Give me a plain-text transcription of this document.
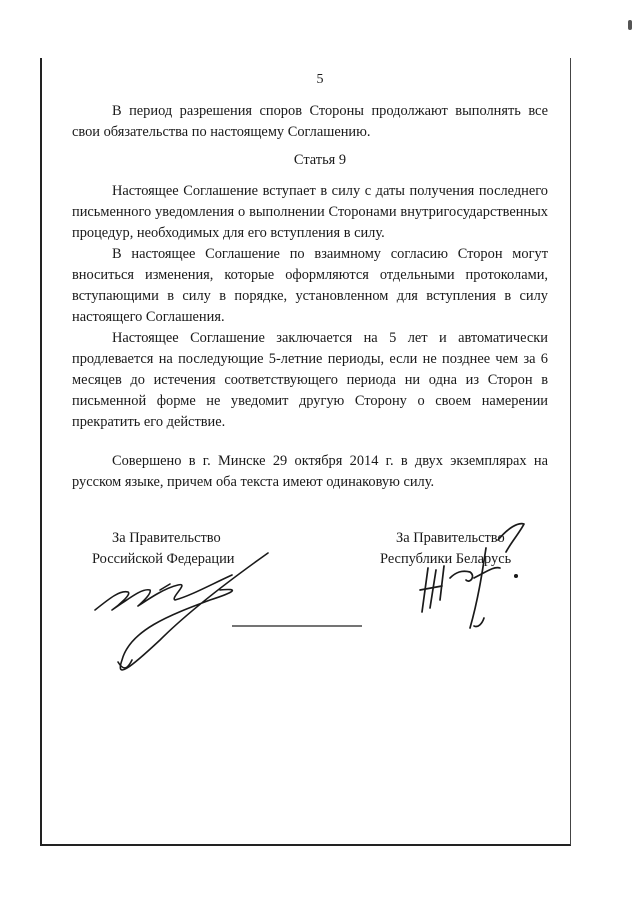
5

В период разрешения споров Стороны продолжают выполнять все свои обязательства по настоящему Соглашению.

Статья 9

Настоящее Соглашение вступает в силу с даты получения последнего письменного уведомления о выполнении Сторонами внутригосударственных процедур, необходимых для его вступления в силу.

В настоящее Соглашение по взаимному согласию Сторон могут вноситься изменения, которые оформляются отдельными протоколами, вступающими в силу в порядке, установленном для вступления в силу настоящего Соглашения.

Настоящее Соглашение заключается на 5 лет и автоматически продлевается на последующие 5-летние периоды, если не позднее чем за 6 месяцев до истечения соответствующего периода ни одна из Сторон в письменной форме не уведомит другую Сторону о своем намерении прекратить его действие.

Совершено в г. Минске 29 октября 2014 г. в двух экземплярах на русском языке, причем оба текста имеют одинаковую силу.

За Правительство

Российской Федерации
За Правительство
Республики Беларусь
